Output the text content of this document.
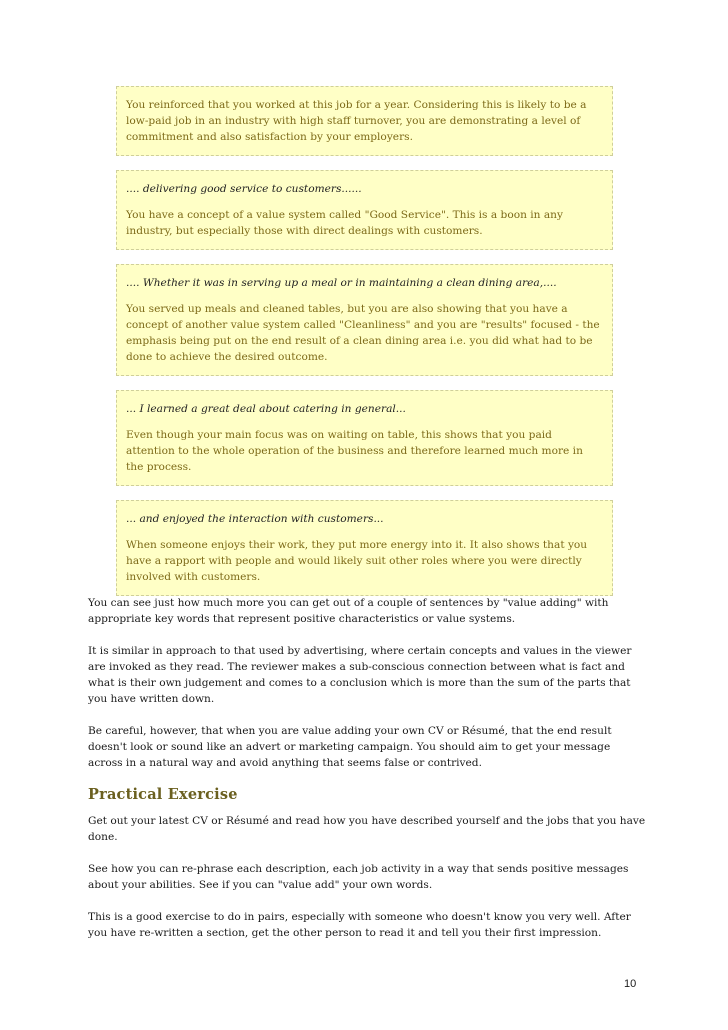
You reinforced that you worked at this job for a year. Considering this is likely to be a low-paid job in an industry with high staff turnover, you are demonstrating a level of commitment and also satisfaction by your employers.

.... delivering good service to customers......

You have a concept of a value system called "Good Service". This is a boon in any industry, but especially those with direct dealings with customers.

.... Whether it was in serving up a meal or in maintaining a clean dining area,....

You served up meals and cleaned tables, but you are also showing that you have a concept of another value system called "Cleanliness" and you are "results" focused - the emphasis being put on the end result of a clean dining area i.e. you did what had to be done to achieve the desired outcome.

... I learned a great deal about catering in general...

Even though your main focus was on waiting on table, this shows that you paid attention to the whole operation of the business and therefore learned much more in the process.

... and enjoyed the interaction with customers...

When someone enjoys their work, they put more energy into it. It also shows that you have a rapport with people and would likely suit other roles where you were directly involved with customers.

You can see just how much more you can get out of a couple of sentences by "value adding" with appropriate key words that represent positive characteristics or value systems.

It is similar in approach to that used by advertising, where certain concepts and values in the viewer are invoked as they read. The reviewer makes a sub-conscious connection between what is fact and what is their own judgement and comes to a conclusion which is more than the sum of the parts that you have written down.

Be careful, however, that when you are value adding your own CV or Résumé, that the end result doesn't look or sound like an advert or marketing campaign. You should aim to get your message across in a natural way and avoid anything that seems false or contrived.

Practical Exercise

Get out your latest CV or Résumé and read how you have described yourself and the jobs that you have done.

See how you can re-phrase each description, each job activity in a way that sends positive messages about your abilities. See if you can "value add" your own words.

This is a good exercise to do in pairs, especially with someone who doesn't know you very well. After you have re-written a section, get the other person to read it and tell you their first impression.

10
